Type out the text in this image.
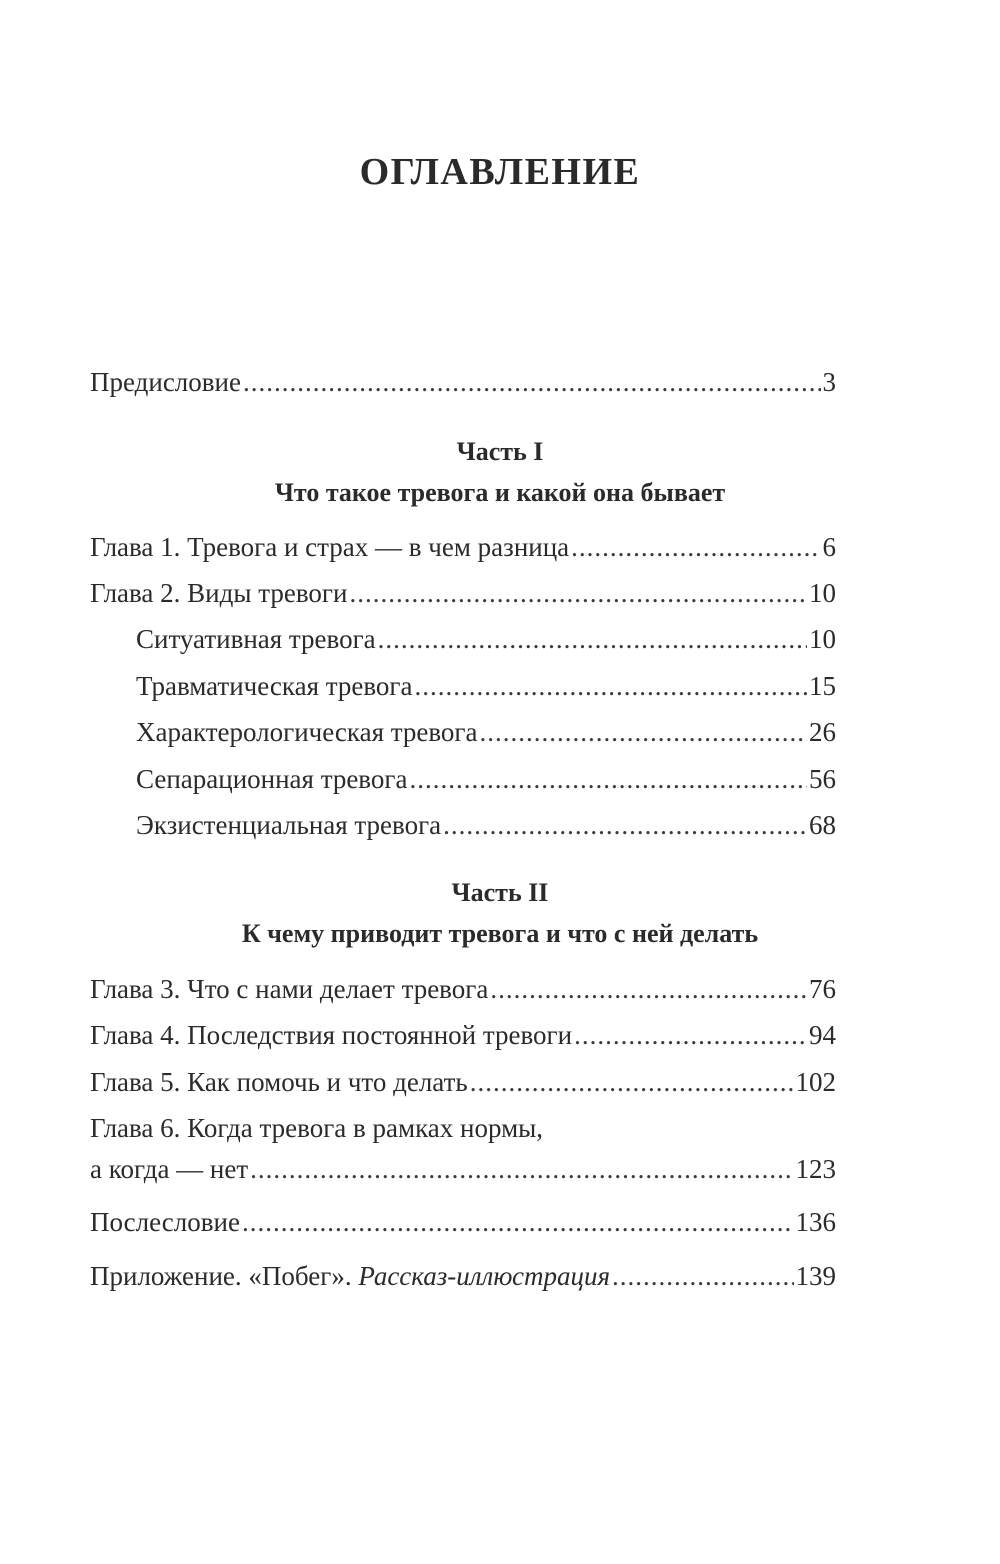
ОГЛАВЛЕНИЕ
Предисловие .....	3
Часть I
Что такое тревога и какой она бывает
Глава 1. Тревога и страх — в чем разница .....	6
Глава 2. Виды тревоги .....	10
Ситуативная тревога .....	10
Травматическая тревога .....	15
Характерологическая тревога .....	26
Сепарационная тревога .....	56
Экзистенциальная тревога .....	68
Часть II
К чему приводит тревога и что с ней делать
Глава 3. Что с нами делает тревога .....	76
Глава 4. Последствия постоянной тревоги .....	94
Глава 5. Как помочь и что делать .....	102
Глава 6. Когда тревога в рамках нормы,
а когда — нет .....	123
Послесловие .....	136
Приложение. «Побег». Рассказ-иллюстрация .....	139
